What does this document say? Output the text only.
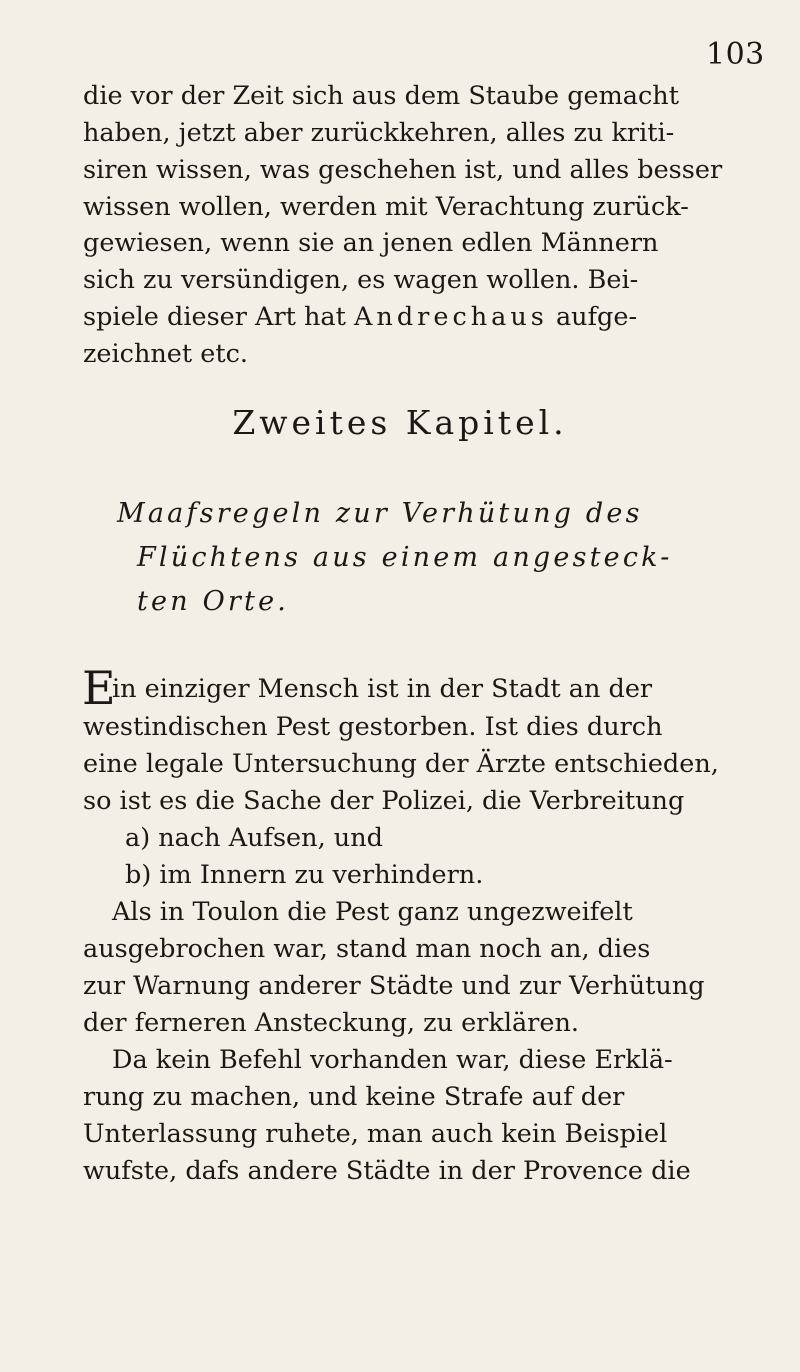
103
die vor der Zeit sich aus dem Staube gemacht
haben, jetzt aber zurückkehren, alles zu kriti-
siren wissen, was geschehen ist, und alles besser
wissen wollen, werden mit Verachtung zurück-
gewiesen, wenn sie an jenen edlen Männern
sich zu versündigen, es wagen wollen. Bei-
spiele dieser Art hat Andrechaus aufge-
zeichnet etc.
Zweites Kapitel.
Maafsregeln zur Verhütung des
Flüchtens aus einem angesteck-
ten Orte.
E
in einziger Mensch ist in der Stadt an der
westindischen Pest gestorben. Ist dies durch
eine legale Untersuchung der Ärzte entschieden,
so ist es die Sache der Polizei, die Verbreitung
a) nach Aufsen, und
b) im Innern zu verhindern.
Als in Toulon die Pest ganz ungezweifelt
ausgebrochen war, stand man noch an, dies
zur Warnung anderer Städte und zur Verhütung
der ferneren Ansteckung, zu erklären.
Da kein Befehl vorhanden war, diese Erklä-
rung zu machen, und keine Strafe auf der
Unterlassung ruhete, man auch kein Beispiel
wufste, dafs andere Städte in der Provence die
